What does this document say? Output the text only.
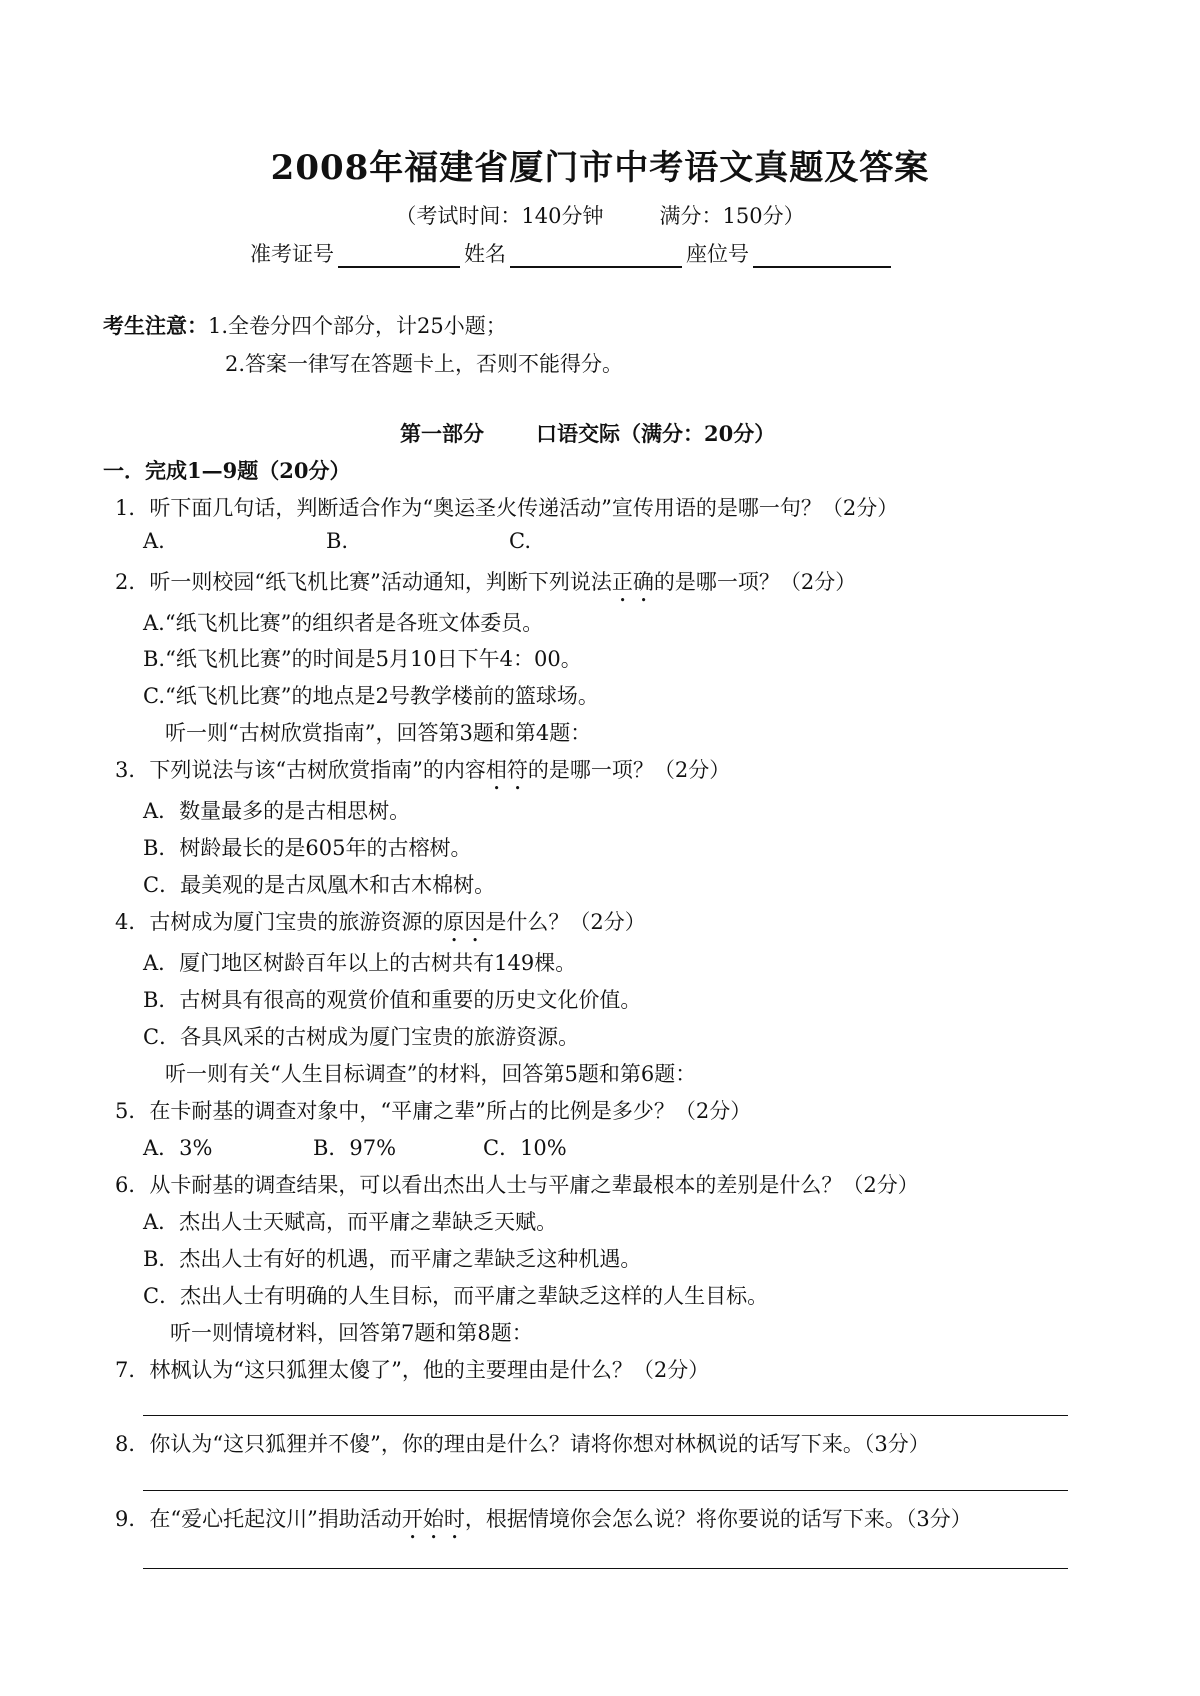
2008年福建省厦门市中考语文真题及答案
（考试时间：140分钟	满分：150分）
准考证号	姓名	座位号
考生注意：1.全卷分四个部分，计25小题；
2.答案一律写在答题卡上，否则不能得分。
第一部分 口语交际（满分：20分）
一．完成1—9题（20分）
1．听下面几句话，判断适合作为“奥运圣火传递活动”宣传用语的是哪一句？（2分）
A.	B.	C.
2．听一则校园“纸飞机比赛”活动通知，判断下列说法正确的是哪一项？（2分）
A.“纸飞机比赛”的组织者是各班文体委员。
B.“纸飞机比赛”的时间是5月10日下午4：00。
C.“纸飞机比赛”的地点是2号教学楼前的篮球场。
听一则“古树欣赏指南”，回答第3题和第4题：
3．下列说法与该“古树欣赏指南”的内容相符的是哪一项？（2分）
A．数量最多的是古相思树。
B．树龄最长的是605年的古榕树。
C．最美观的是古凤凰木和古木棉树。
4．古树成为厦门宝贵的旅游资源的原因是什么？（2分）
A．厦门地区树龄百年以上的古树共有149棵。
B．古树具有很高的观赏价值和重要的历史文化价值。
C．各具风采的古树成为厦门宝贵的旅游资源。
听一则有关“人生目标调查”的材料，回答第5题和第6题：
5．在卡耐基的调查对象中，“平庸之辈”所占的比例是多少？（2分）
A．3%	B．97%	C．10%
6．从卡耐基的调查结果，可以看出杰出人士与平庸之辈最根本的差别是什么？（2分）
A．杰出人士天赋高，而平庸之辈缺乏天赋。
B．杰出人士有好的机遇，而平庸之辈缺乏这种机遇。
C．杰出人士有明确的人生目标，而平庸之辈缺乏这样的人生目标。
听一则情境材料，回答第7题和第8题：
7．林枫认为“这只狐狸太傻了”，他的主要理由是什么？（2分）
8．你认为“这只狐狸并不傻”，你的理由是什么？请将你想对林枫说的话写下来。（3分）
9．在“爱心托起汶川”捐助活动开始时，根据情境你会怎么说？将你要说的话写下来。（3分）
